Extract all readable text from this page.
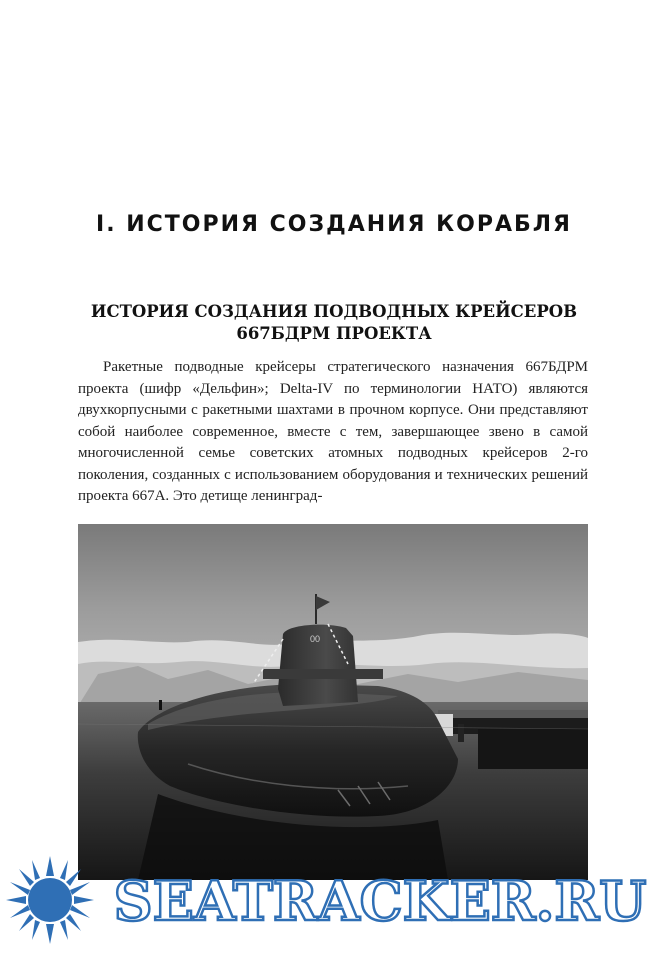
I. ИСТОРИЯ СОЗДАНИЯ КОРАБЛЯ
ИСТОРИЯ СОЗДАНИЯ ПОДВОДНЫХ КРЕЙСЕРОВ
667БДРМ ПРОЕКТА

Ракетные подводные крейсеры стратегического назначения 667БДРМ проекта (шифр «Дельфин»; Delta-IV по терминологии НАТО) являются двухкорпусными с ракетными шахтами в прочном корпусе. Они представляют собой наиболее современное, вместе с тем, завершающее звено в самой многочисленной семье советских атомных подводных крейсеров 2-го поколения, созданных с использованием оборудования и технических решений проекта 667А. Это детище ленинград-

00
SEATRACKER.RU
